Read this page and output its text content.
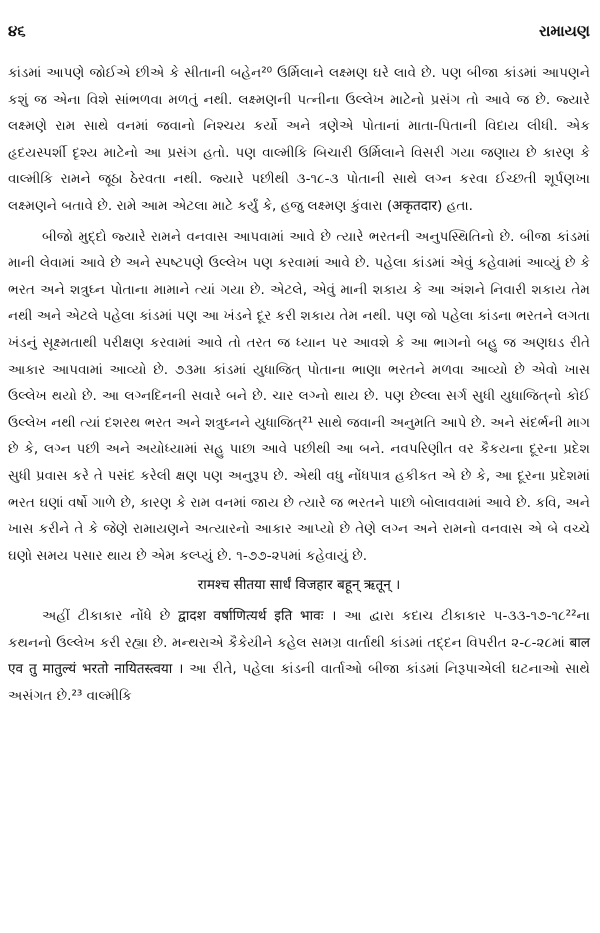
૪૬	રામાયણ

કાંડમાં આપણે જોઈએ છીએ કે સીતાની બહેન²⁰ ઉર્મિલાને લક્ષ્મણ ઘરે લાવે છે. પણ બીજા કાંડમાં આપણને કશું જ એના વિશે સાંભળવા મળતું નથી. લક્ષ્મણની પત્નીના ઉલ્લેખ માટેનો પ્રસંગ તો આવે જ છે. જ્યારે લક્ષ્મણે રામ સાથે વનમાં જવાનો નિશ્ચય કર્યો અને ત્રણેએ પોતાનાં માતા-પિતાની વિદાય લીધી. એક હૃદયસ્પર્શી દૃશ્ય માટેનો આ પ્રસંગ હતો. પણ વાલ્મીકિ બિચારી ઉર્મિલાને વિસરી ગયા જણાય છે કારણ કે વાલ્મીકિ રામને જૂઠા ઠેરવતા નથી. જ્યારે પછીથી ૩-૧૮-૩ પોતાની સાથે લગ્ન કરવા ઈચ્છતી શૂર્પણખા લક્ષ્મણને બતાવે છે. રામે આમ એટલા માટે કર્યું કે, હજુ લક્ષ્મણ કુંવારા (अकृतदार) હતા.

બીજો મુદ્દો જ્યારે રામને વનવાસ આપવામાં આવે છે ત્યારે ભરતની અનુપસ્થિતિનો છે. બીજા કાંડમાં માની લેવામાં આવે છે અને સ્પષ્ટપણે ઉલ્લેખ પણ કરવામાં આવે છે. પહેલા કાંડમાં એવું કહેવામાં આવ્યું છે કે ભરત અને શત્રુઘ્ન પોતાના મામાને ત્યાં ગયા છે. એટલે, એવું માની શકાય કે આ અંશને નિવારી શકાય તેમ નથી અને એટલે પહેલા કાંડમાં પણ આ ખંડને દૂર કરી શકાય તેમ નથી. પણ જો પહેલા કાંડના ભરતને લગતા ખંડનું સૂક્ષ્મતાથી પરીક્ષણ કરવામાં આવે તો તરત જ ધ્યાન પર આવશે કે આ ભાગનો બહુ જ અણઘડ રીતે આકાર આપવામાં આવ્યો છે. ૭૩મા કાંડમાં યુધાજિત્ પોતાના ભાણા ભરતને મળવા આવ્યો છે એવો ખાસ ઉલ્લેખ થયો છે. આ લગ્નદિનની સવારે બને છે. ચાર લગ્નો થાય છે. પણ છેલ્લા સર્ગ સુધી યુધાજિત્‌નો કોઈ ઉલ્લેખ નથી ત્યાં દશરથ ભરત અને શત્રુઘ્નને યુધાજિત્²¹ સાથે જવાની અનુમતિ આપે છે. અને સંદર્ભની માગ છે કે, લગ્ન પછી અને અયોધ્યામાં સહુ પાછા આવે પછીથી આ બને. નવપરિણીત વર કૈકયના દૂરના પ્રદેશ સુધી પ્રવાસ કરે તે પસંદ કરેલી ક્ષણ પણ અનુરૂપ છે. એથી વધુ નોંધપાત્ર હકીકત એ છે કે, આ દૂરના પ્રદેશમાં ભરત ઘણાં વર્ષો ગાળે છે, કારણ કે રામ વનમાં જાય છે ત્યારે જ ભરતને પાછો બોલાવવામાં આવે છે. કવિ, અને ખાસ કરીને તે કે જેણે રામાયણને અત્યારનો આકાર આપ્યો છે તેણે લગ્ન અને રામનો વનવાસ એ બે વચ્ચે ઘણો સમય પસાર થાય છે એમ કલ્પ્યું છે. ૧-૭૭-૨૫માં કહેવાયું છે.

रामश्च सीतया सार्धं विजहार बहून् ऋतून् ।

અહીં ટીકાકાર નોંધે છે द्वादश वर्षाणित्यर्थ इति भावः । આ દ્વારા કદાચ ટીકાકાર ૫-૩૩-૧૭-૧૮²²ના કથનનો ઉલ્લેખ કરી રહ્યા છે. મન્થરાએ કૈકેયીને કહેલ સમગ્ર વાર્તાથી કાંડમાં તદ્દન વિપરીત ૨-૮-૨૮માં बाल एव तु मातुल्यं भरतो नायितस्त्वया । આ રીતે, પહેલા કાંડની વાર્તાઓ બીજા કાંડમાં નિરૂપાએલી ઘટનાઓ સાથે અસંગત છે.²³ વાલ્મીકિ
